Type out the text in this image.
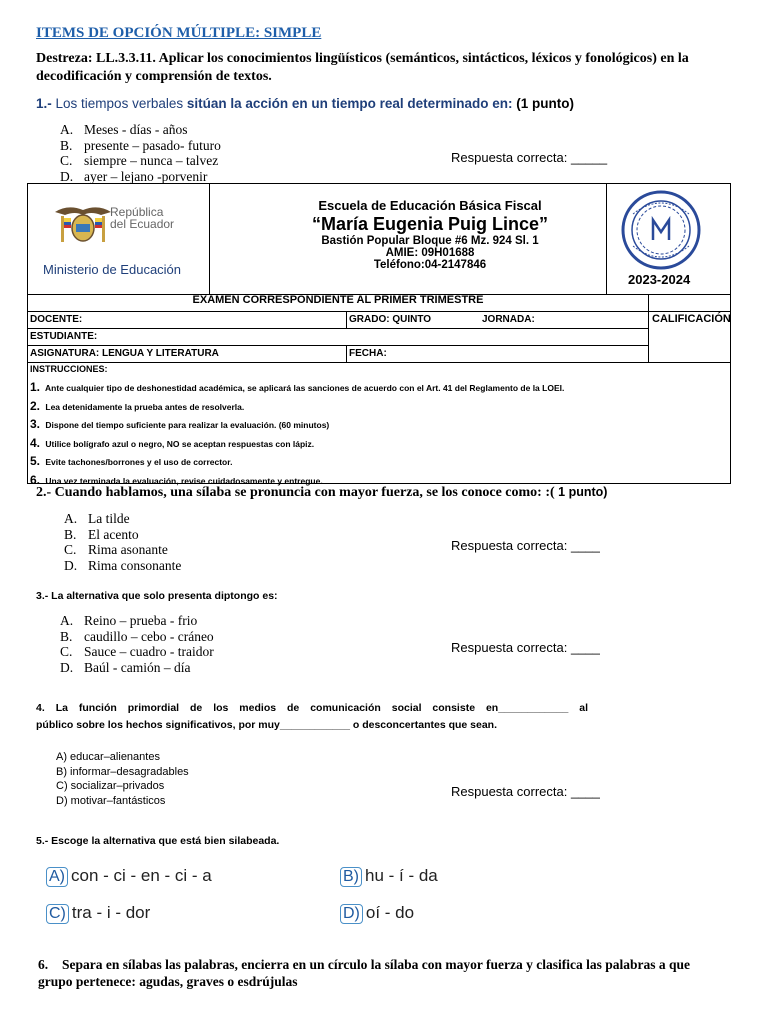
ITEMS DE OPCIÓN MÚLTIPLE: SIMPLE
Destreza: LL.3.3.11. Aplicar los conocimientos lingüísticos (semánticos, sintácticos, léxicos y fonológicos) en la decodificación y comprensión de textos.
1.- Los tiempos verbales sitúan la acción en un tiempo real determinado en: (1 punto)
A. Meses - días - años
B. presente – pasado- futuro
C. siempre – nunca – talvez
D. ayer – lejano -porvenir
Respuesta correcta: _____
República
del Ecuador
Ministerio de Educación
Escuela de Educación Básica Fiscal
“María Eugenia Puig Lince”
Bastión Popular Bloque #6 Mz. 924 Sl. 1
AMIE: 09H01688
Teléfono:04-2147846
2023-2024
EXAMEN CORRESPONDIENTE AL PRIMER TRIMESTRE
DOCENTE:	GRADO: QUINTO	JORNADA:	CALIFICACIÓN
ESTUDIANTE:
ASIGNATURA: LENGUA Y LITERATURA	FECHA:
INSTRUCCIONES:
1. Ante cualquier tipo de deshonestidad académica, se aplicará las sanciones de acuerdo con el Art. 41 del Reglamento de la LOEI.
2. Lea detenidamente la prueba antes de resolverla.
3. Dispone del tiempo suficiente para realizar la evaluación. (60 minutos)
4. Utilice bolígrafo azul o negro, NO se aceptan respuestas con lápiz.
5. Evite tachones/borrones y el uso de corrector.
6. Una vez terminada la evaluación, revise cuidadosamente y entregue.
2.- Cuando hablamos, una sílaba se pronuncia con mayor fuerza, se los conoce como: :( 1 punto)
A. La tilde
B. El acento
C. Rima asonante
D. Rima consonante
Respuesta correcta: ____
3.- La alternativa que solo presenta diptongo es:
A. Reino – prueba - frio
B. caudillo – cebo - cráneo
C. Sauce – cuadro - traidor
D. Baúl - camión – día
Respuesta correcta: ____
4. La función primordial de los medios de comunicación social consiste en____________ al
público sobre los hechos significativos, por muy____________ o desconcertantes que sean.
A) educar–alienantes
B) informar–desagradables
C) socializar–privados
D) motivar–fantásticos
Respuesta correcta: ____
5.- Escoge la alternativa que está bien silabeada.
A) con - ci - en - ci - a	B) hu - í - da
C) tra - i - dor	D) oí - do
6. Separa en sílabas las palabras, encierra en un círculo la sílaba con mayor fuerza y clasifica las palabras a que grupo pertenece: agudas, graves o esdrújulas
